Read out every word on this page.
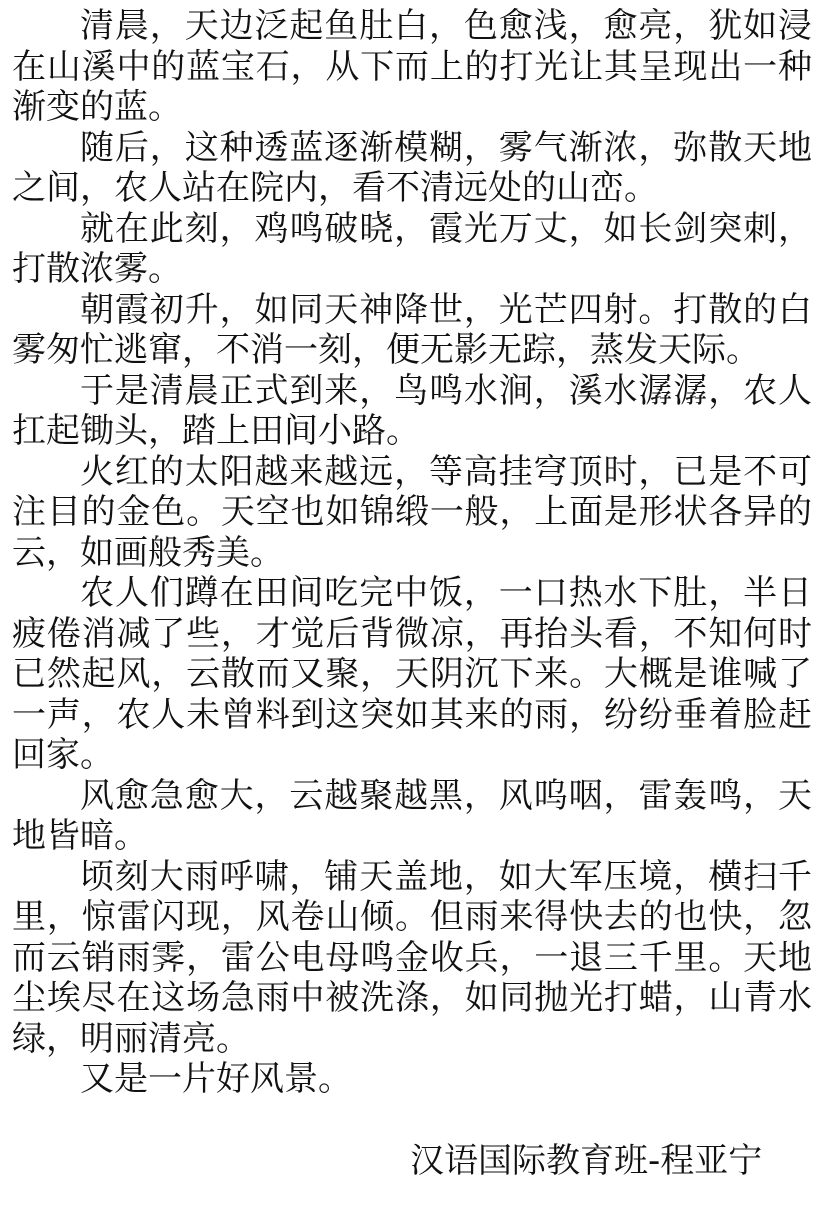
清晨，天边泛起鱼肚白，色愈浅，愈亮，犹如浸在山溪中的蓝宝石，从下而上的打光让其呈现出一种渐变的蓝。

随后，这种透蓝逐渐模糊，雾气渐浓，弥散天地之间，农人站在院内，看不清远处的山峦。

就在此刻，鸡鸣破晓，霞光万丈，如长剑突刺，打散浓雾。

朝霞初升，如同天神降世，光芒四射。打散的白雾匆忙逃窜，不消一刻，便无影无踪，蒸发天际。

于是清晨正式到来，鸟鸣水涧，溪水潺潺，农人扛起锄头，踏上田间小路。

火红的太阳越来越远，等高挂穹顶时，已是不可注目的金色。天空也如锦缎一般，上面是形状各异的云，如画般秀美。

农人们蹲在田间吃完中饭，一口热水下肚，半日疲倦消减了些，才觉后背微凉，再抬头看，不知何时已然起风，云散而又聚，天阴沉下来。大概是谁喊了一声，农人未曾料到这突如其来的雨，纷纷垂着脸赶回家。

风愈急愈大，云越聚越黑，风呜咽，雷轰鸣，天地皆暗。

顷刻大雨呼啸，铺天盖地，如大军压境，横扫千里，惊雷闪现，风卷山倾。但雨来得快去的也快，忽而云销雨霁，雷公电母鸣金收兵，一退三千里。天地尘埃尽在这场急雨中被洗涤，如同抛光打蜡，山青水绿，明丽清亮。

又是一片好风景。

汉语国际教育班-程亚宁
